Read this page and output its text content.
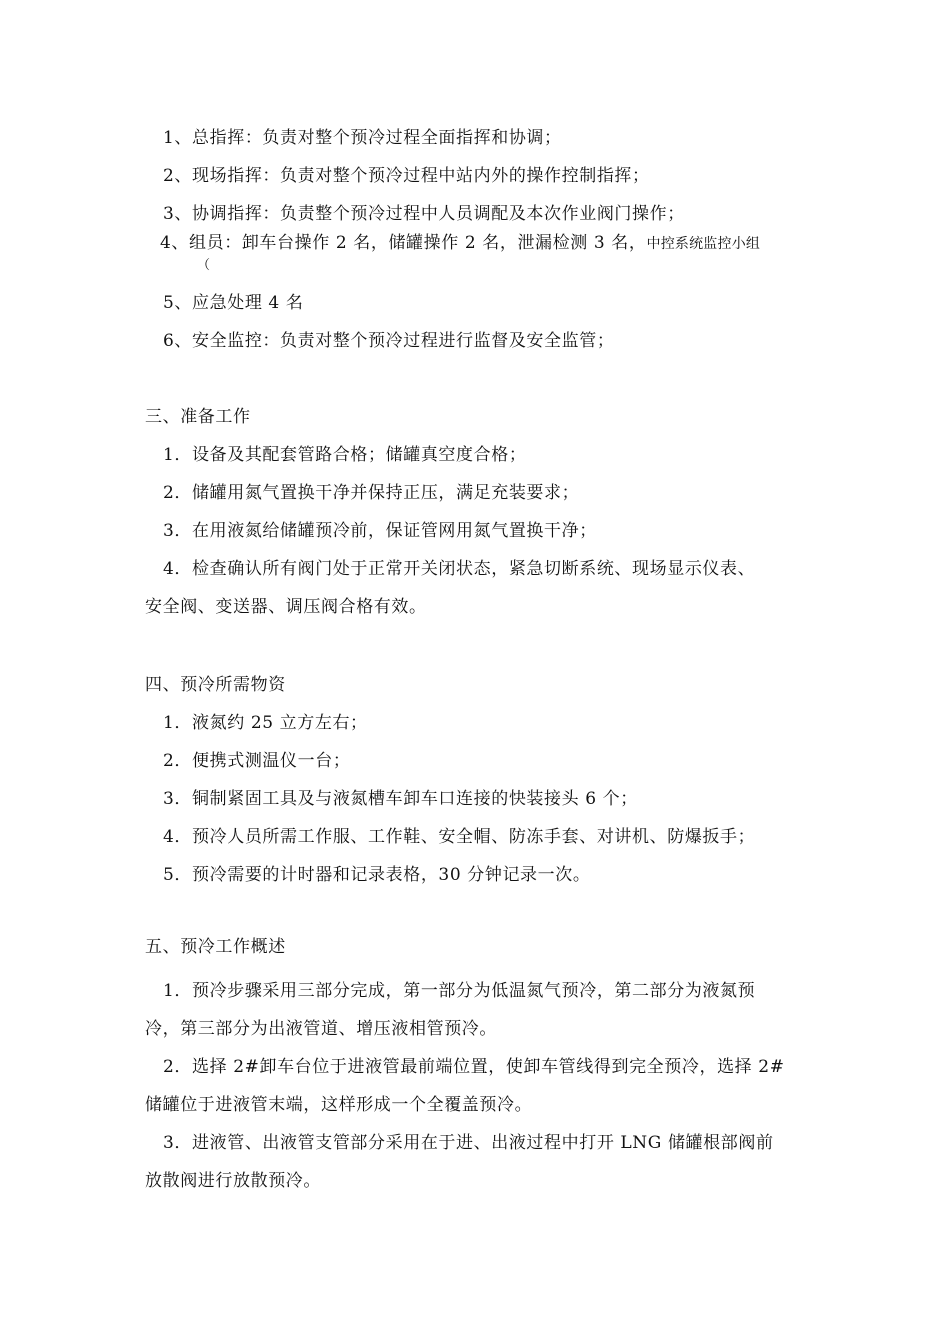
1、总指挥：负责对整个预冷过程全面指挥和协调；
2、现场指挥：负责对整个预冷过程中站内外的操作控制指挥；
3、协调指挥：负责整个预冷过程中人员调配及本次作业阀门操作；
4、组员：卸车台操作 2 名，储罐操作 2 名，泄漏检测 3 名，中控系统监控小组
（
5、应急处理 4 名
6、安全监控：负责对整个预冷过程进行监督及安全监管；
三、准备工作
1．设备及其配套管路合格；储罐真空度合格；
2．储罐用氮气置换干净并保持正压，满足充装要求；
3．在用液氮给储罐预冷前，保证管网用氮气置换干净；
4．检查确认所有阀门处于正常开关闭状态，紧急切断系统、现场显示仪表、
安全阀、变送器、调压阀合格有效。
四、预冷所需物资
1．液氮约 25 立方左右；
2．便携式测温仪一台；
3．铜制紧固工具及与液氮槽车卸车口连接的快装接头 6 个；
4．预冷人员所需工作服、工作鞋、安全帽、防冻手套、对讲机、防爆扳手；
5．预冷需要的计时器和记录表格，30 分钟记录一次。
五、预冷工作概述
1．预冷步骤采用三部分完成，第一部分为低温氮气预冷，第二部分为液氮预
冷，第三部分为出液管道、增压液相管预冷。
2．选择 2#卸车台位于进液管最前端位置，使卸车管线得到完全预冷，选择 2#
储罐位于进液管末端，这样形成一个全覆盖预冷。
3．进液管、出液管支管部分采用在于进、出液过程中打开 LNG 储罐根部阀前
放散阀进行放散预冷。
